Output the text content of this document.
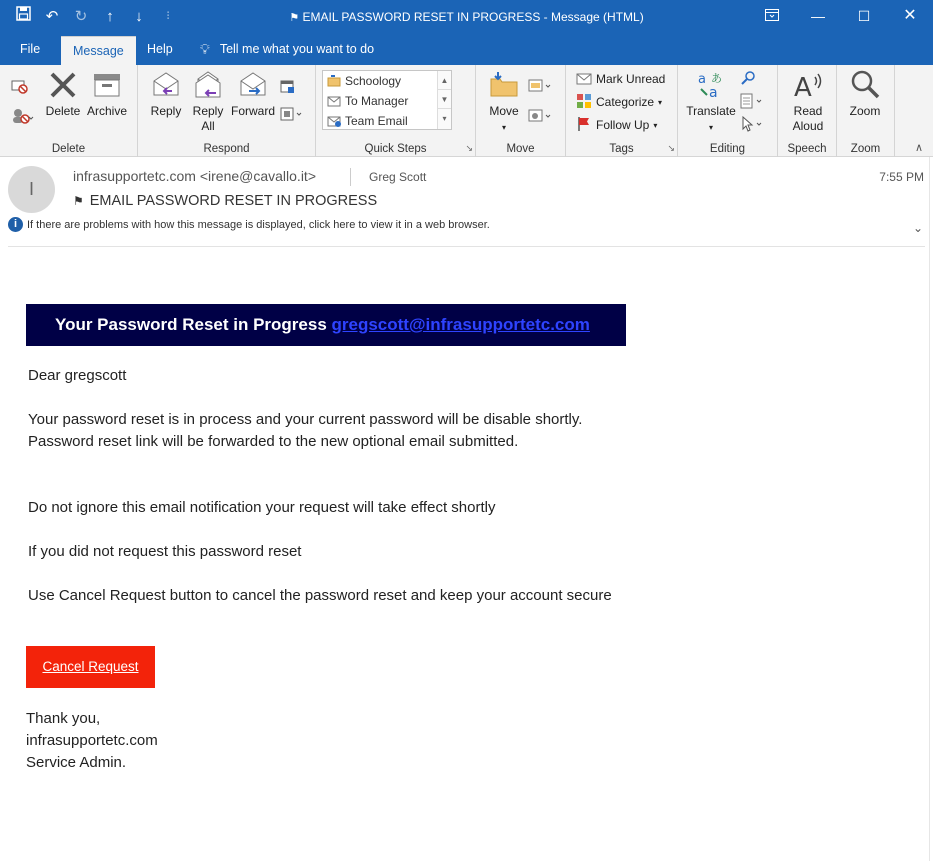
↶ ↻	↑	↓	⫶	⚑ EMAIL PASSWORD RESET IN PROGRESS - Message (HTML)	—	☐	✕
File	Message	Help 💡︎ Tell me what you want to do
Delete Archive
Delete
Reply Reply
All
Forward
Respond
Schoology
To Manager
Team Email
▲
▼
▾
Quick Steps	↘
Move
▾
Move
Mark Unread
Categorize ▾
Follow Up ▾
Tags	↘
a
a
あ
Translate
▾
Editing
A
Read
Aloud
Speech
Zoom
Zoom	∧
I
infrasupportetc.com <irene@cavallo.it>	Greg Scott	7:55 PM
⚑ EMAIL PASSWORD RESET IN PROGRESS
i If there are problems with how this message is displayed, click here to view it in a web browser.	⌄
Your Password Reset in Progress gregscott@infrasupportetc.com
Dear gregscott
Your password reset is in process and your current password will be disable shortly. Password reset link will be forwarded to the new optional email submitted.
Do not ignore this email notification your request will take effect shortly
If you did not request this password reset
Use Cancel Request button to cancel the password reset and keep your account secure
Cancel Request
Thank you,
infrasupportetc.com
Service Admin.
